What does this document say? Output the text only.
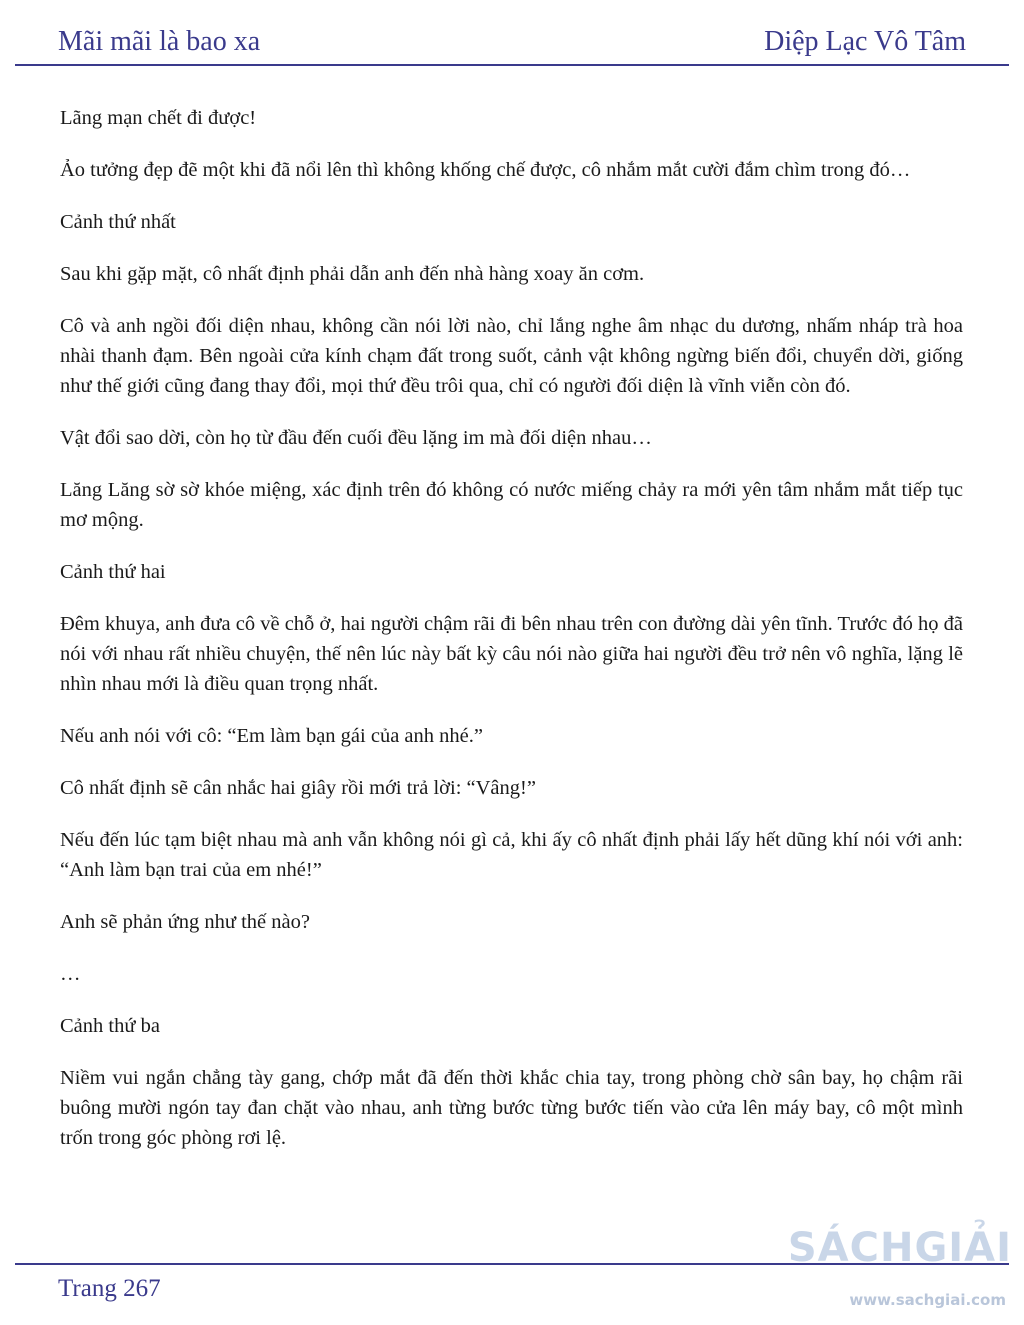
Mãi mãi là bao xa	Diệp Lạc Vô Tâm

Lãng mạn chết đi được!

Ảo tưởng đẹp đẽ một khi đã nổi lên thì không khống chế được, cô nhắm mắt cười đắm chìm trong đó…

Cảnh thứ nhất

Sau khi gặp mặt, cô nhất định phải dẫn anh đến nhà hàng xoay ăn cơm.

Cô và anh ngồi đối diện nhau, không cần nói lời nào, chỉ lắng nghe âm nhạc du dương, nhấm nháp trà hoa nhài thanh đạm. Bên ngoài cửa kính chạm đất trong suốt, cảnh vật không ngừng biến đổi, chuyển dời, giống như thế giới cũng đang thay đổi, mọi thứ đều trôi qua, chỉ có người đối diện là vĩnh viễn còn đó.

Vật đổi sao dời, còn họ từ đầu đến cuối đều lặng im mà đối diện nhau…

Lăng Lăng sờ sờ khóe miệng, xác định trên đó không có nước miếng chảy ra mới yên tâm nhắm mắt tiếp tục mơ mộng.

Cảnh thứ hai

Đêm khuya, anh đưa cô về chỗ ở, hai người chậm rãi đi bên nhau trên con đường dài yên tĩnh. Trước đó họ đã nói với nhau rất nhiều chuyện, thế nên lúc này bất kỳ câu nói nào giữa hai người đều trở nên vô nghĩa, lặng lẽ nhìn nhau mới là điều quan trọng nhất.

Nếu anh nói với cô: “Em làm bạn gái của anh nhé.”

Cô nhất định sẽ cân nhắc hai giây rồi mới trả lời: “Vâng!”

Nếu đến lúc tạm biệt nhau mà anh vẫn không nói gì cả, khi ấy cô nhất định phải lấy hết dũng khí nói với anh: “Anh làm bạn trai của em nhé!”

Anh sẽ phản ứng như thế nào?

…

Cảnh thứ ba

Niềm vui ngắn chẳng tày gang, chớp mắt đã đến thời khắc chia tay, trong phòng chờ sân bay, họ chậm rãi buông mười ngón tay đan chặt vào nhau, anh từng bước từng bước tiến vào cửa lên máy bay, cô một mình trốn trong góc phòng rơi lệ.

Trang 267
SÁCHGIẢI
www.sachgiai.com
